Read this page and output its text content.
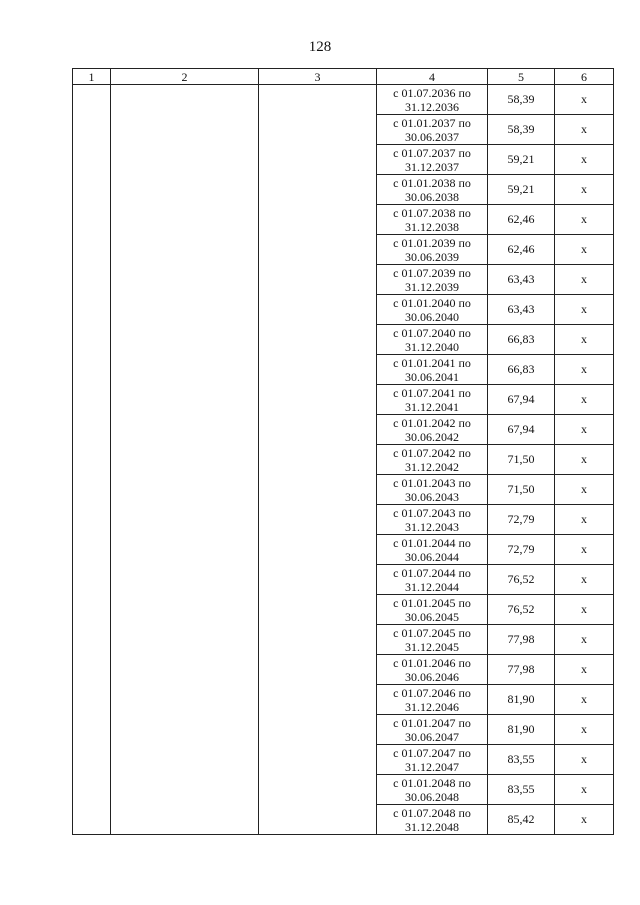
128
1	2	3	4	5	6
			с 01.07.2036 по
31.12.2036	58,39	х
			с 01.01.2037 по
30.06.2037	58,39	х
			с 01.07.2037 по
31.12.2037	59,21	х
			с 01.01.2038 по
30.06.2038	59,21	х
			с 01.07.2038 по
31.12.2038	62,46	х
			с 01.01.2039 по
30.06.2039	62,46	х
			с 01.07.2039 по
31.12.2039	63,43	х
			с 01.01.2040 по
30.06.2040	63,43	х
			с 01.07.2040 по
31.12.2040	66,83	х
			с 01.01.2041 по
30.06.2041	66,83	х
			с 01.07.2041 по
31.12.2041	67,94	х
			с 01.01.2042 по
30.06.2042	67,94	х
			с 01.07.2042 по
31.12.2042	71,50	х
			с 01.01.2043 по
30.06.2043	71,50	х
			с 01.07.2043 по
31.12.2043	72,79	х
			с 01.01.2044 по
30.06.2044	72,79	х
			с 01.07.2044 по
31.12.2044	76,52	х
			с 01.01.2045 по
30.06.2045	76,52	х
			с 01.07.2045 по
31.12.2045	77,98	х
			с 01.01.2046 по
30.06.2046	77,98	х
			с 01.07.2046 по
31.12.2046	81,90	х
			с 01.01.2047 по
30.06.2047	81,90	х
			с 01.07.2047 по
31.12.2047	83,55	х
			с 01.01.2048 по
30.06.2048	83,55	х
			с 01.07.2048 по
31.12.2048	85,42	х
